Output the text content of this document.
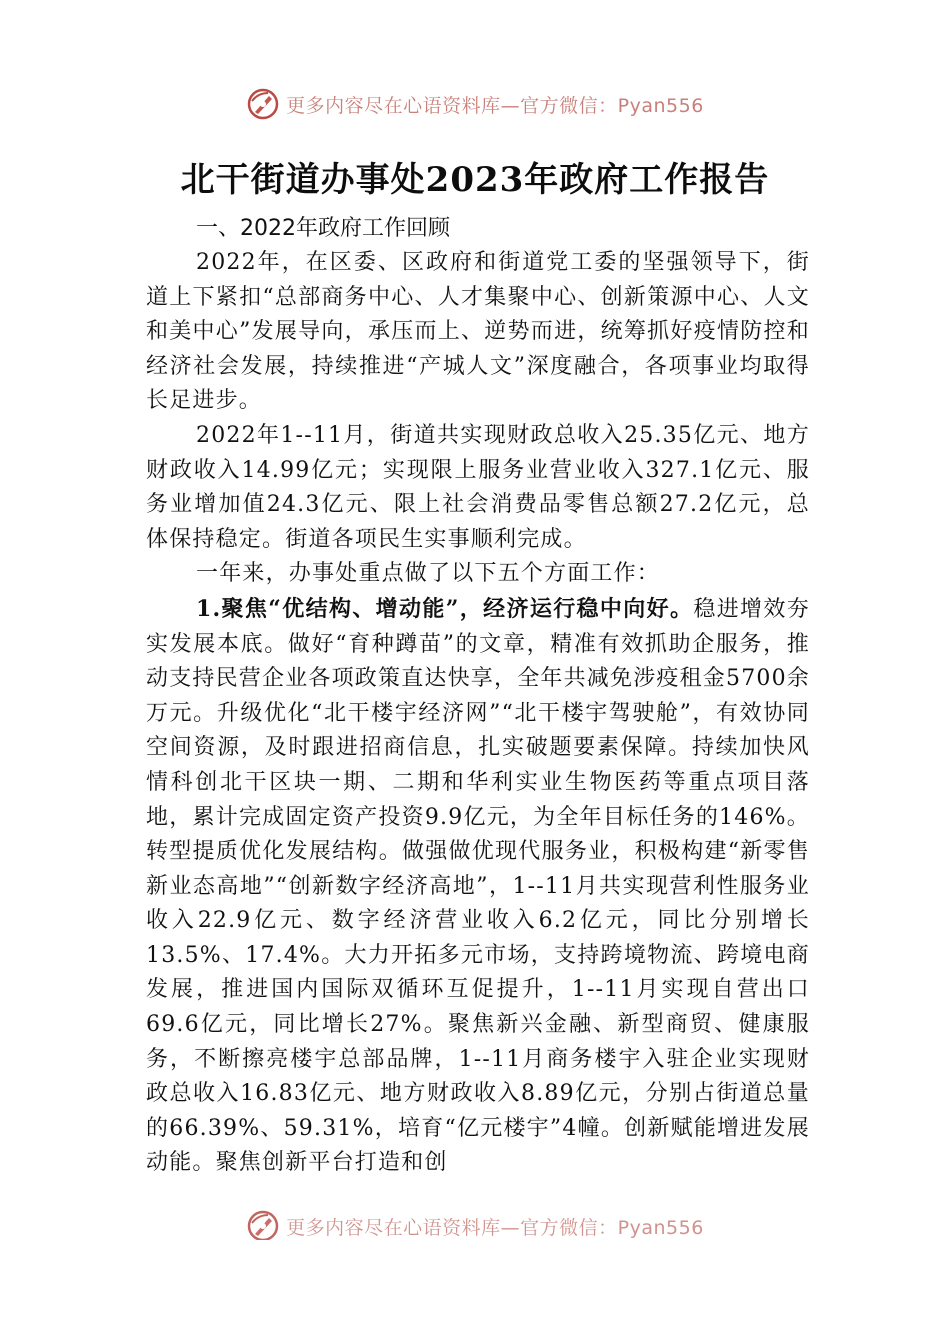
更多内容尽在心语资料库—官方微信：Pyan556
北干街道办事处2023年政府工作报告
一、2022年政府工作回顾

2022年，在区委、区政府和街道党工委的坚强领导下，街道上下紧扣“总部商务中心、人才集聚中心、创新策源中心、人文和美中心”发展导向，承压而上、逆势而进，统筹抓好疫情防控和经济社会发展，持续推进“产城人文”深度融合，各项事业均取得长足进步。

2022年1--11月，街道共实现财政总收入25.35亿元、地方财政收入14.99亿元；实现限上服务业营业收入327.1亿元、服务业增加值24.3亿元、限上社会消费品零售总额27.2亿元，总体保持稳定。街道各项民生实事顺利完成。

一年来，办事处重点做了以下五个方面工作：

1.聚焦“优结构、增动能”，经济运行稳中向好。稳进增效夯实发展本底。做好“育种蹲苗”的文章，精准有效抓助企服务，推动支持民营企业各项政策直达快享，全年共减免涉疫租金5700余万元。升级优化“北干楼宇经济网”“北干楼宇驾驶舱”，有效协同空间资源，及时跟进招商信息，扎实破题要素保障。持续加快风情科创北干区块一期、二期和华利实业生物医药等重点项目落地，累计完成固定资产投资9.9亿元，为全年目标任务的146%。转型提质优化发展结构。做强做优现代服务业，积极构建“新零售新业态高地”“创新数字经济高地”，1--11月共实现营利性服务业收入22.9亿元、数字经济营业收入6.2亿元，同比分别增长13.5%、17.4%。大力开拓多元市场，支持跨境物流、跨境电商发展，推进国内国际双循环互促提升，1--11月实现自营出口69.6亿元，同比增长27%。聚焦新兴金融、新型商贸、健康服务，不断擦亮楼宇总部品牌，1--11月商务楼宇入驻企业实现财政总收入16.83亿元、地方财政收入8.89亿元，分别占街道总量的66.39%、59.31%，培育“亿元楼宇”4幢。创新赋能增进发展动能。聚焦创新平台打造和创

更多内容尽在心语资料库—官方微信：Pyan556
